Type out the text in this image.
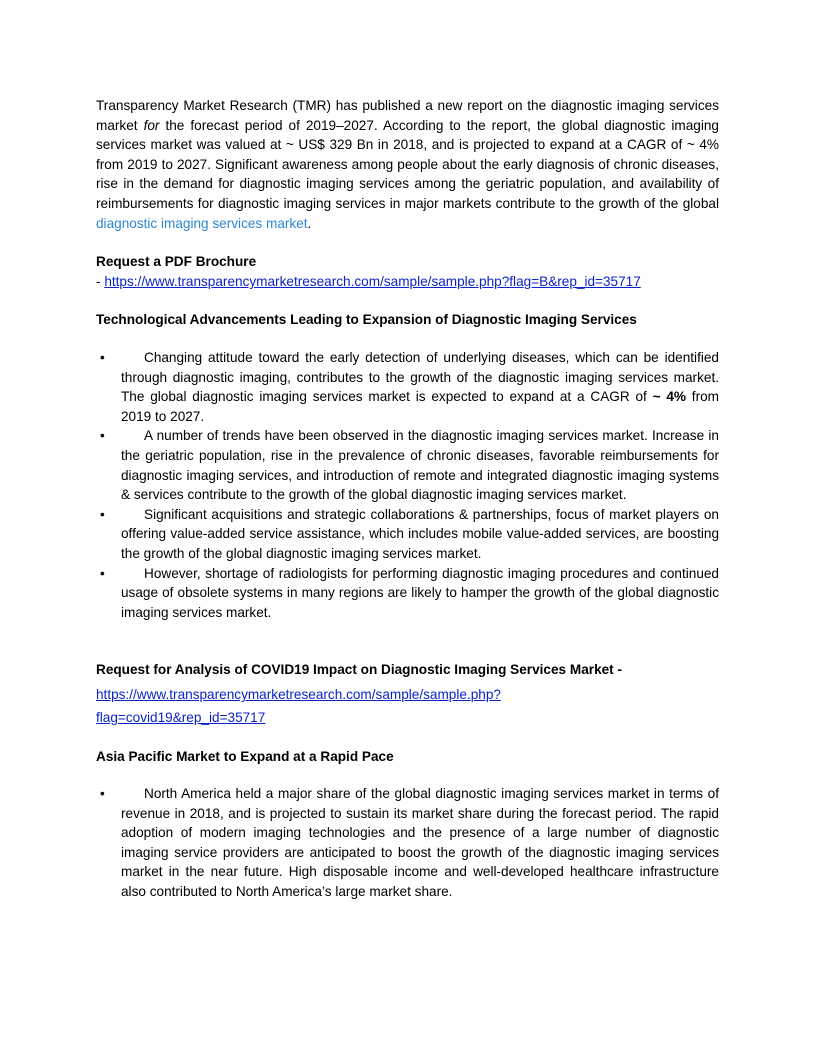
Transparency Market Research (TMR) has published a new report on the diagnostic imaging services market for the forecast period of 2019–2027. According to the report, the global diagnostic imaging services market was valued at ~ US$ 329 Bn in 2018, and is projected to expand at a CAGR of ~ 4% from 2019 to 2027. Significant awareness among people about the early diagnosis of chronic diseases, rise in the demand for diagnostic imaging services among the geriatric population, and availability of reimbursements for diagnostic imaging services in major markets contribute to the growth of the global diagnostic imaging services market.

Request a PDF Brochure
- https://www.transparencymarketresearch.com/sample/sample.php?flag=B&rep_id=35717
Technological Advancements Leading to Expansion of Diagnostic Imaging Services
•	Changing attitude toward the early detection of underlying diseases, which can be identified through diagnostic imaging, contributes to the growth of the diagnostic imaging services market. The global diagnostic imaging services market is expected to expand at a CAGR of ~ 4% from 2019 to 2027.
•	A number of trends have been observed in the diagnostic imaging services market. Increase in the geriatric population, rise in the prevalence of chronic diseases, favorable reimbursements for diagnostic imaging services, and introduction of remote and integrated diagnostic imaging systems & services contribute to the growth of the global diagnostic imaging services market.
•	Significant acquisitions and strategic collaborations & partnerships, focus of market players on offering value-added service assistance, which includes mobile value-added services, are boosting the growth of the global diagnostic imaging services market.
•	However, shortage of radiologists for performing diagnostic imaging procedures and continued usage of obsolete systems in many regions are likely to hamper the growth of the global diagnostic imaging services market.
Request for Analysis of COVID19 Impact on Diagnostic Imaging Services Market -
https://www.transparencymarketresearch.com/sample/sample.php?
flag=covid19&rep_id=35717
Asia Pacific Market to Expand at a Rapid Pace
•	North America held a major share of the global diagnostic imaging services market in terms of revenue in 2018, and is projected to sustain its market share during the forecast period. The rapid adoption of modern imaging technologies and the presence of a large number of diagnostic imaging service providers are anticipated to boost the growth of the diagnostic imaging services market in the near future. High disposable income and well-developed healthcare infrastructure also contributed to North America’s large market share.
